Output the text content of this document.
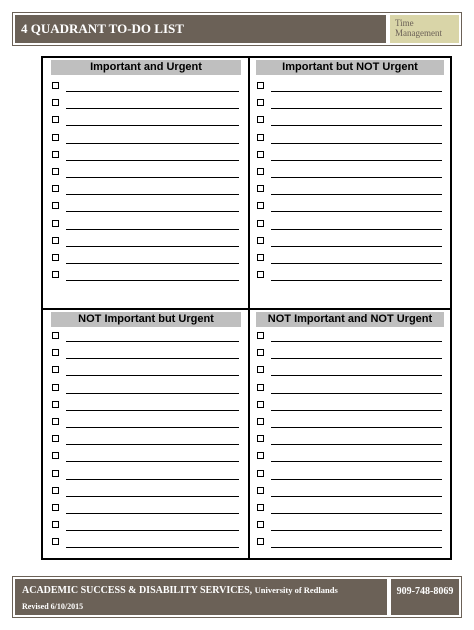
4 QUADRANT TO-DO LIST	Time
Management
Important and Urgent	Important but NOT Urgent
NOT Important but Urgent	NOT Important and NOT Urgent
ACADEMIC SUCCESS & DISABILITY SERVICES, University of Redlands
Revised 6/10/2015
909-748-8069
